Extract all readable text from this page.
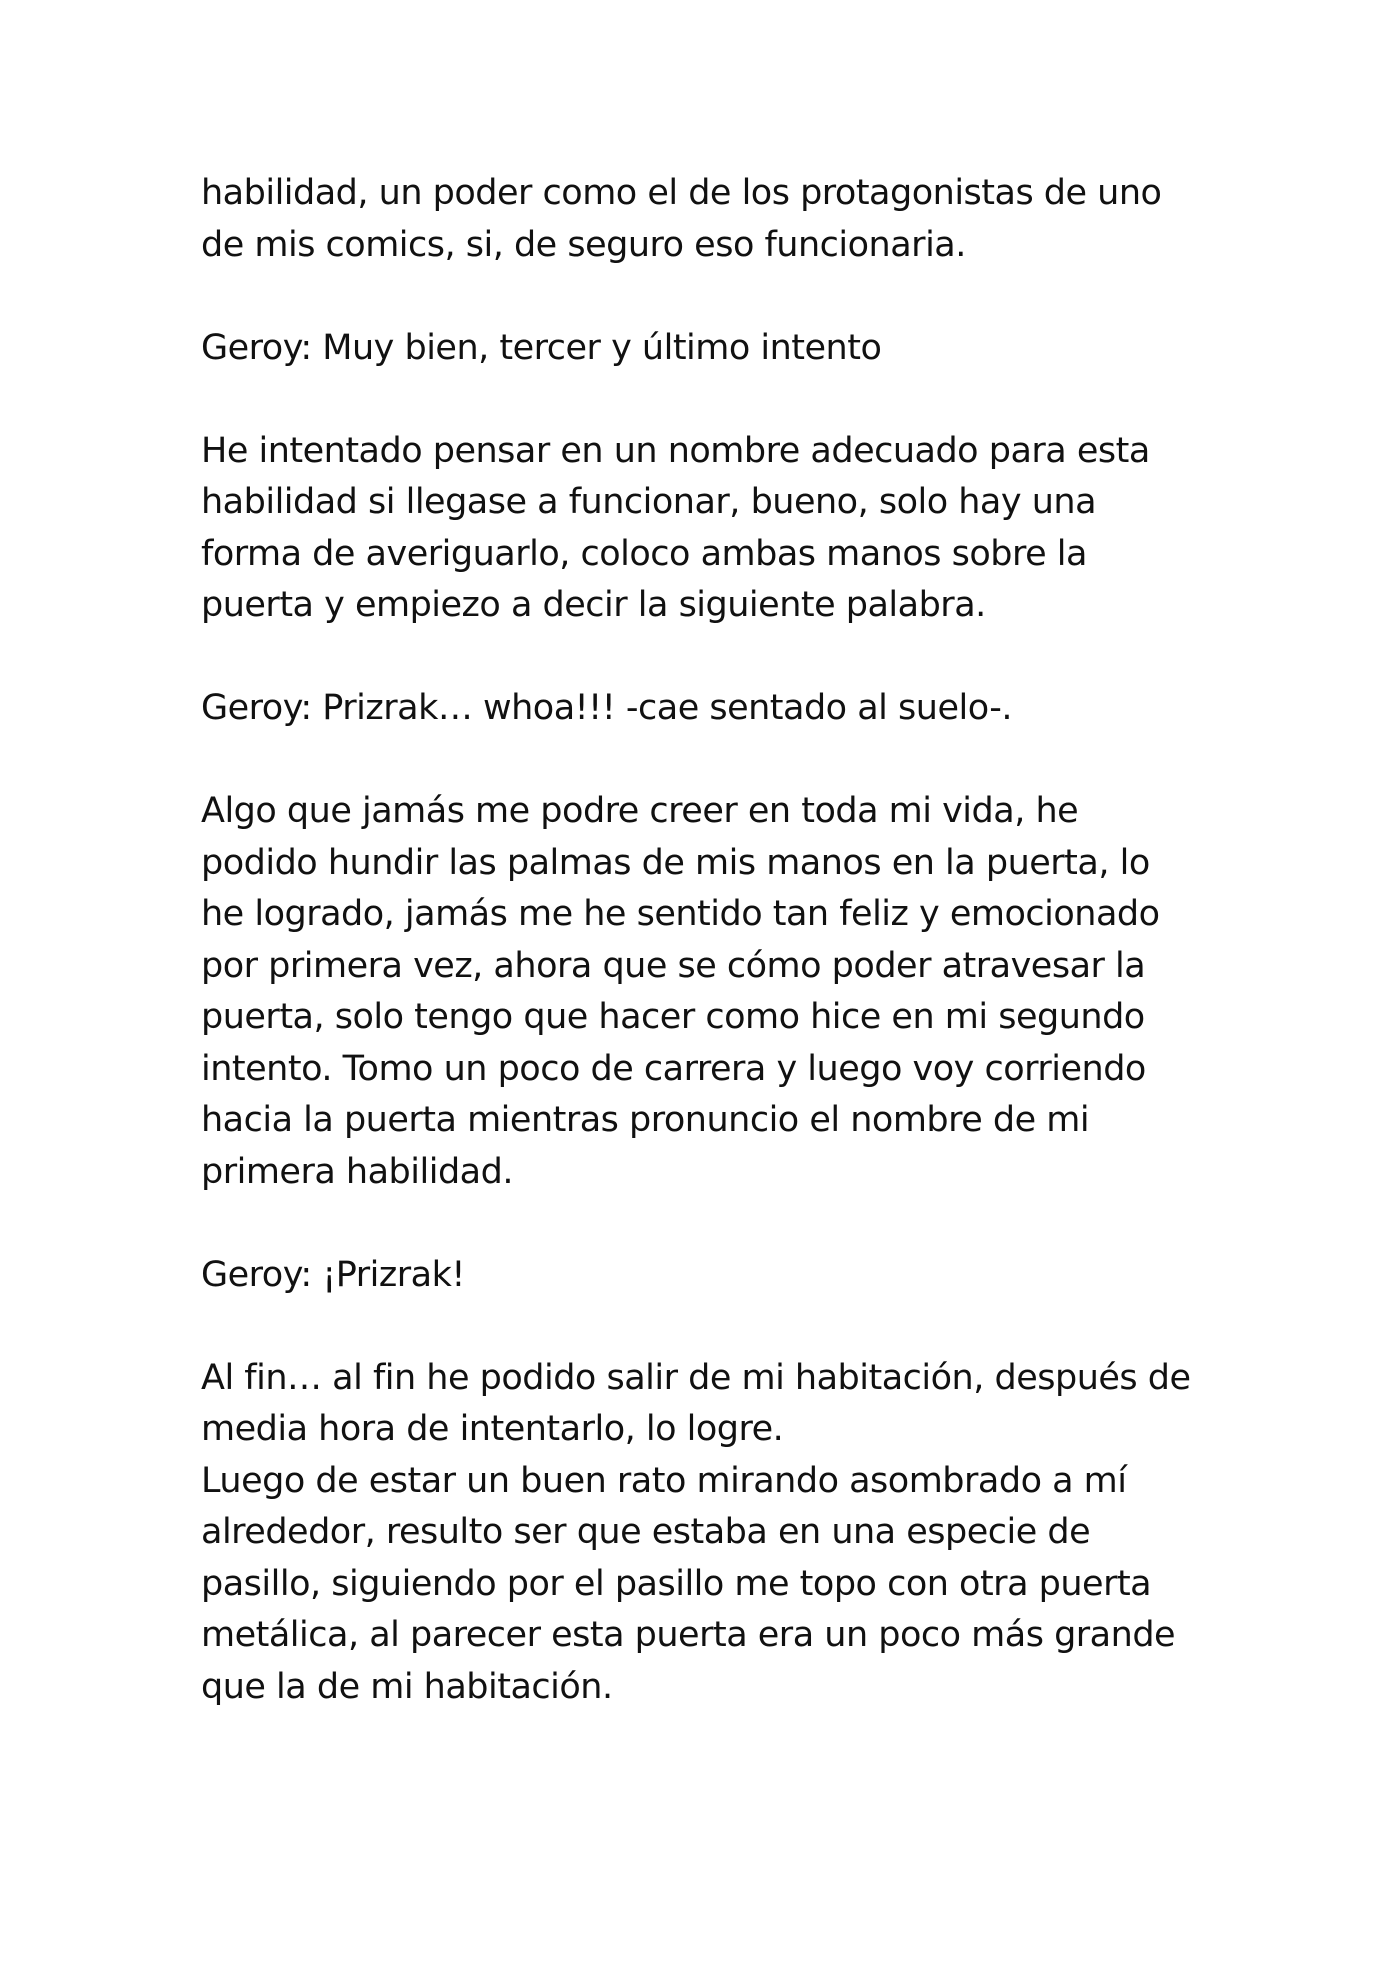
habilidad, un poder como el de los protagonistas de uno
de mis comics, si, de seguro eso funcionaria.

Geroy: Muy bien, tercer y último intento

He intentado pensar en un nombre adecuado para esta
habilidad si llegase a funcionar, bueno, solo hay una
forma de averiguarlo, coloco ambas manos sobre la
puerta y empiezo a decir la siguiente palabra.

Geroy: Prizrak… whoa!!! -cae sentado al suelo-.

Algo que jamás me podre creer en toda mi vida, he
podido hundir las palmas de mis manos en la puerta, lo
he logrado, jamás me he sentido tan feliz y emocionado
por primera vez, ahora que se cómo poder atravesar la
puerta, solo tengo que hacer como hice en mi segundo
intento. Tomo un poco de carrera y luego voy corriendo
hacia la puerta mientras pronuncio el nombre de mi
primera habilidad.

Geroy: ¡Prizrak!

Al fin… al fin he podido salir de mi habitación, después de
media hora de intentarlo, lo logre.
Luego de estar un buen rato mirando asombrado a mí
alrededor, resulto ser que estaba en una especie de
pasillo, siguiendo por el pasillo me topo con otra puerta
metálica, al parecer esta puerta era un poco más grande
que la de mi habitación.
